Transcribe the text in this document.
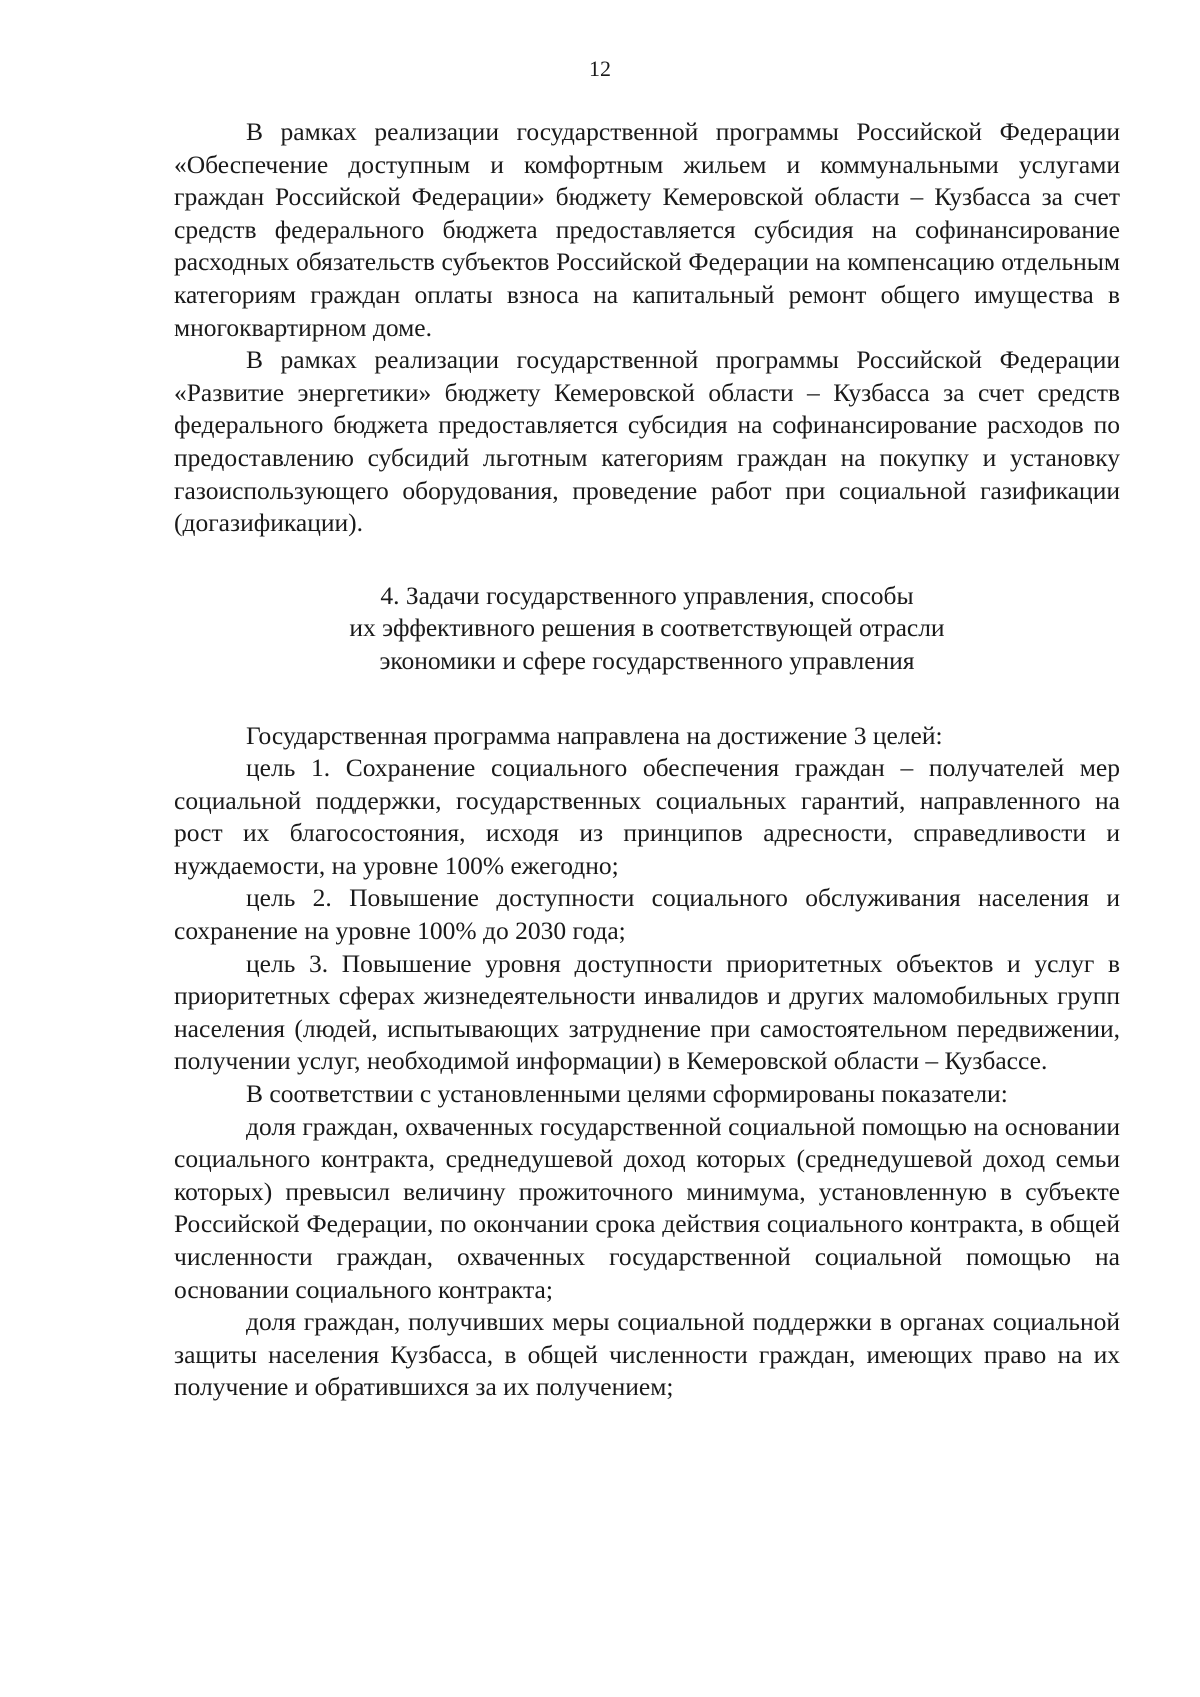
12

В рамках реализации государственной программы Российской Федерации «Обеспечение доступным и комфортным жильем и коммунальными услугами граждан Российской Федерации» бюджету Кемеровской области – Кузбасса за счет средств федерального бюджета предоставляется субсидия на софинансирование расходных обязательств субъектов Российской Федерации на компенсацию отдельным категориям граждан оплаты взноса на капитальный ремонт общего имущества в многоквартирном доме.

В рамках реализации государственной программы Российской Федерации «Развитие энергетики» бюджету Кемеровской области – Кузбасса за счет средств федерального бюджета предоставляется субсидия на софинансирование расходов по предоставлению субсидий льготным категориям граждан на покупку и установку газоиспользующего оборудования, проведение работ при социальной газификации (догазификации).

4. Задачи государственного управления, способы
их эффективного решения в соответствующей отрасли
экономики и сфере государственного управления

Государственная программа направлена на достижение 3 целей:

цель 1. Сохранение социального обеспечения граждан – получателей мер социальной поддержки, государственных социальных гарантий, направленного на рост их благосостояния, исходя из принципов адресности, справедливости и нуждаемости, на уровне 100% ежегодно;

цель 2. Повышение доступности социального обслуживания населения и сохранение на уровне 100% до 2030 года;

цель 3. Повышение уровня доступности приоритетных объектов и услуг в приоритетных сферах жизнедеятельности инвалидов и других маломобильных групп населения (людей, испытывающих затруднение при самостоятельном передвижении, получении услуг, необходимой информации) в Кемеровской области – Кузбассе.

В соответствии с установленными целями сформированы показатели:

доля граждан, охваченных государственной социальной помощью на основании социального контракта, среднедушевой доход которых (среднедушевой доход семьи которых) превысил величину прожиточного минимума, установленную в субъекте Российской Федерации, по окончании срока действия социального контракта, в общей численности граждан, охваченных государственной социальной помощью на основании социального контракта;

доля граждан, получивших меры социальной поддержки в органах социальной защиты населения Кузбасса, в общей численности граждан, имеющих право на их получение и обратившихся за их получением;
